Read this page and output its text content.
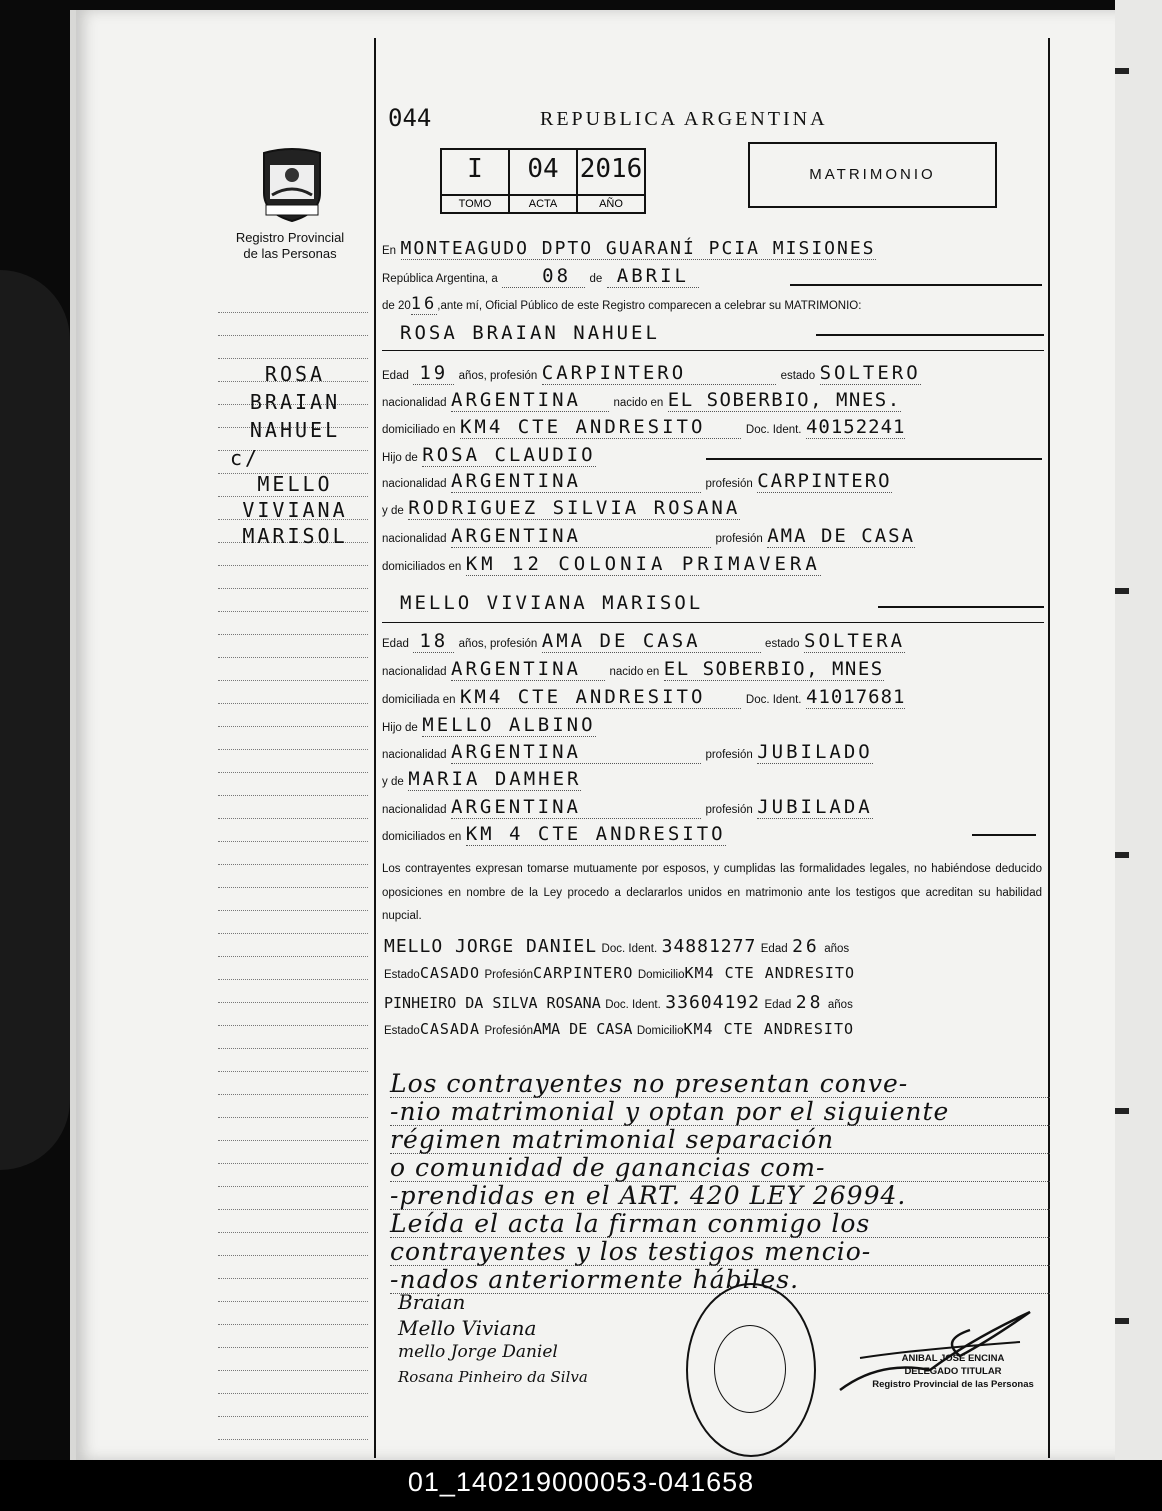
Registro Provincial
de las Personas
044	REPUBLICA ARGENTINA
I
TOMO
04
ACTA
2016
AÑO
MATRIMONIO
ROSA
BRAIAN
NAHUEL
c/
MELLO
VIVIANA
MARISOL
En MONTEAGUDO DPTO GUARANÍ PCIA MISIONES
República Argentina, a 08 de ABRIL
de 2016,ante mí, Oficial Público de este Registro comparecen a celebrar su MATRIMONIO:
ROSA BRAIAN NAHUEL
Edad 19 años, profesión CARPINTERO	estado SOLTERO
nacionalidad ARGENTINA	nacido en EL SOBERBIO, MNES.
domiciliado en KM4 CTE ANDRESITO	Doc. Ident. 40152241
Hijo de ROSA CLAUDIO
nacionalidad ARGENTINA	profesión CARPINTERO
y de RODRIGUEZ SILVIA ROSANA
nacionalidad ARGENTINA	profesión AMA DE CASA
domiciliados en KM 12 COLONIA PRIMAVERA
MELLO VIVIANA MARISOL
Edad 18 años, profesión AMA DE CASA	estado SOLTERA
nacionalidad ARGENTINA nacido en EL SOBERBIO, MNES
domiciliada en KM4 CTE ANDRESITO	Doc. Ident. 41017681
Hijo de MELLO ALBINO
nacionalidad ARGENTINA	profesión JUBILADO
y de MARIA DAMHER
nacionalidad ARGENTINA	profesión JUBILADA
domiciliados en KM 4 CTE ANDRESITO
Los contrayentes expresan tomarse mutuamente por esposos, y cumplidas las formalidades legales, no habiéndose deducido oposiciones en nombre de la Ley procedo a declararlos unidos en matrimonio ante los testigos que acreditan su habilidad nupcial.
MELLO JORGE DANIEL Doc. Ident. 34881277 Edad 26 años
EstadoCASADO ProfesiónCARPINTERO DomicilioKM4 CTE ANDRESITO
PINHEIRO DA SILVA ROSANA Doc. Ident. 33604192 Edad 28 años
EstadoCASADA ProfesiónAMA DE CASA DomicilioKM4 CTE ANDRESITO
Los contrayentes no presentan conve-
-nio matrimonial y optan por el siguiente
régimen matrimonial separación
o comunidad de ganancias com-
-prendidas en el ART. 420 LEY 26994.
Leída el acta la firman conmigo los
contrayentes y los testigos mencio-
-nados anteriormente hábiles.
Braian
Mello Viviana
mello Jorge Daniel
Rosana Pinheiro da Silva
ANIBAL JOSE ENCINA
DELEGADO TITULAR
Registro Provincial de las Personas
01_140219000053-041658
